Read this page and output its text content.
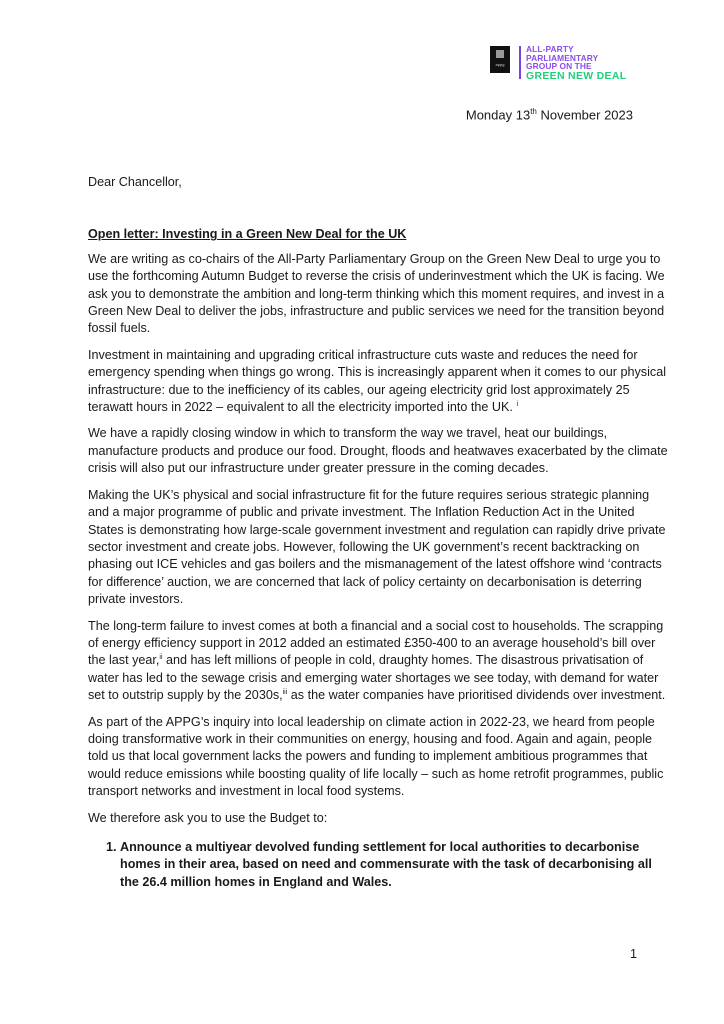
appg
ALL-PARTY
PARLIAMENTARY
GROUP ON THE
GREEN NEW DEAL
Monday 13th November 2023

Dear Chancellor,

Open letter: Investing in a Green New Deal for the UK

We are writing as co-chairs of the All-Party Parliamentary Group on the Green New Deal to urge you to use the forthcoming Autumn Budget to reverse the crisis of underinvestment which the UK is facing. We ask you to demonstrate the ambition and long-term thinking which this moment requires, and invest in a Green New Deal to deliver the jobs, infrastructure and public services we need for the transition beyond fossil fuels.

Investment in maintaining and upgrading critical infrastructure cuts waste and reduces the need for emergency spending when things go wrong. This is increasingly apparent when it comes to our physical infrastructure: due to the inefficiency of its cables, our ageing electricity grid lost approximately 25 terawatt hours in 2022 – equivalent to all the electricity imported into the UK. $^i$

We have a rapidly closing window in which to transform the way we travel, heat our buildings, manufacture products and produce our food. Drought, floods and heatwaves exacerbated by the climate crisis will also put our infrastructure under greater pressure in the coming decades.

Making the UK’s physical and social infrastructure fit for the future requires serious strategic planning and a major programme of public and private investment. The Inflation Reduction Act in the United States is demonstrating how large-scale government investment and regulation can rapidly drive private sector investment and create jobs. However, following the UK government’s recent backtracking on phasing out ICE vehicles and gas boilers and the mismanagement of the latest offshore wind ‘contracts for difference’ auction, we are concerned that lack of policy certainty on decarbonisation is deterring private investors.

The long-term failure to invest comes at both a financial and a social cost to households. The scrapping of energy efficiency support in 2012 added an estimated £350-400 to an average household’s bill over the last year,$^{ii}$ and has left millions of people in cold, draughty homes. The disastrous privatisation of water has led to the sewage crisis and emerging water shortages we see today, with demand for water set to outstrip supply by the 2030s,$^{iii}$ as the water companies have prioritised dividends over investment.

As part of the APPG’s inquiry into local leadership on climate action in 2022-23, we heard from people doing transformative work in their communities on energy, housing and food. Again and again, people told us that local government lacks the powers and funding to implement ambitious programmes that would reduce emissions while boosting quality of life locally – such as home retrofit programmes, public transport networks and investment in local food systems.

We therefore ask you to use the Budget to:

1. Announce a multiyear devolved funding settlement for local authorities to decarbonise homes in their area, based on need and commensurate with the task of decarbonising all the 26.4 million homes in England and Wales.
1
